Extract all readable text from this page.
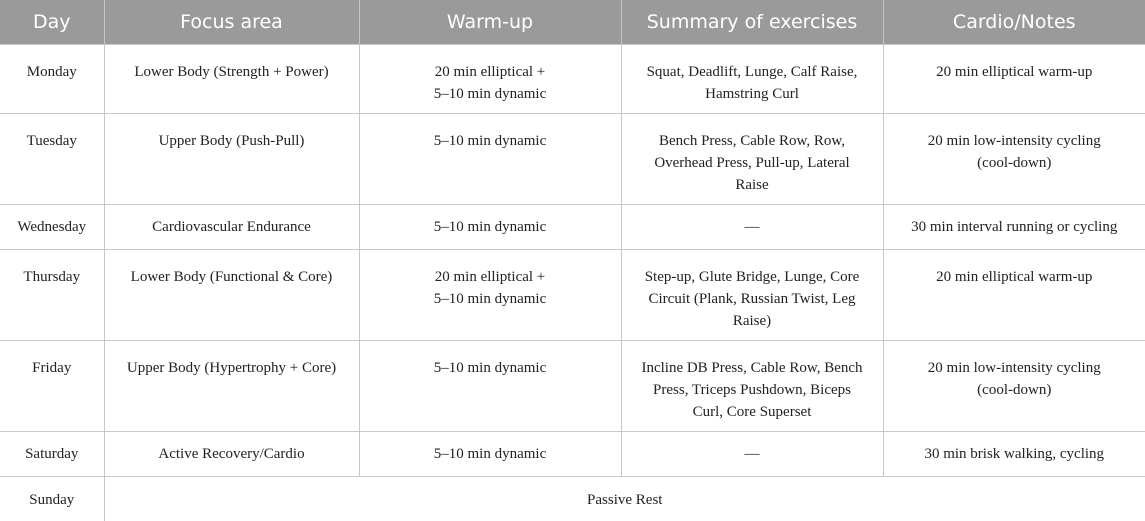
Day	Focus area	Warm-up	Summary of exercises	Cardio/Notes
Monday	Lower Body (Strength + Power)	20 min elliptical +
5–10 min dynamic	Squat, Deadlift, Lunge, Calf Raise,
Hamstring Curl	20 min elliptical warm-up

Tuesday	Upper Body (Push-Pull)	5–10 min dynamic	Bench Press, Cable Row, Row,
Overhead Press, Pull-up, Lateral
Raise	20 min low-intensity cycling
(cool-down)

Wednesday	Cardiovascular Endurance	5–10 min dynamic	—	30 min interval running or cycling

Thursday	Lower Body (Functional & Core)	20 min elliptical +
5–10 min dynamic	Step-up, Glute Bridge, Lunge, Core
Circuit (Plank, Russian Twist, Leg
Raise)	20 min elliptical warm-up

Friday	Upper Body (Hypertrophy + Core)	5–10 min dynamic	Incline DB Press, Cable Row, Bench
Press, Triceps Pushdown, Biceps
Curl, Core Superset	20 min low-intensity cycling
(cool-down)

Saturday	Active Recovery/Cardio	5–10 min dynamic	—	30 min brisk walking, cycling

Sunday	Passive Rest			
